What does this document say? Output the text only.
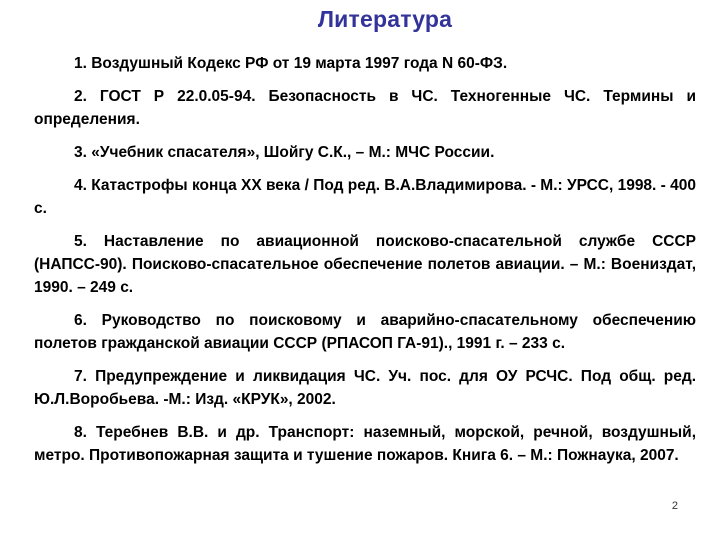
Литература

1. Воздушный Кодекс РФ от 19 марта 1997 года N 60-ФЗ.

2. ГОСТ Р 22.0.05-94. Безопасность в ЧС. Техногенные ЧС. Термины и определения.

3. «Учебник спасателя», Шойгу С.К., – М.: МЧС России.

4. Катастрофы конца XX века / Под ред. В.А.Владимирова. - М.: УРСС, 1998. - 400 с.

5. Наставление по авиационной поисково-спасательной службе СССР (НАПСС-90). Поисково-спасательное обеспечение полетов авиации. – М.: Воениздат, 1990. – 249 с.

6. Руководство по поисковому и аварийно-спасательному обеспечению полетов гражданской авиации СССР (РПАСОП ГА-91)., 1991 г. – 233 с.

7. Предупреждение и ликвидация ЧС. Уч. пос. для ОУ РСЧС. Под общ. ред. Ю.Л.Воробьева. -М.: Изд. «КРУК», 2002.

8. Теребнев В.В. и др. Транспорт: наземный, морской, речной, воздушный, метро. Противопожарная защита и тушение пожаров. Книга 6. – М.: Пожнаука, 2007.

2
